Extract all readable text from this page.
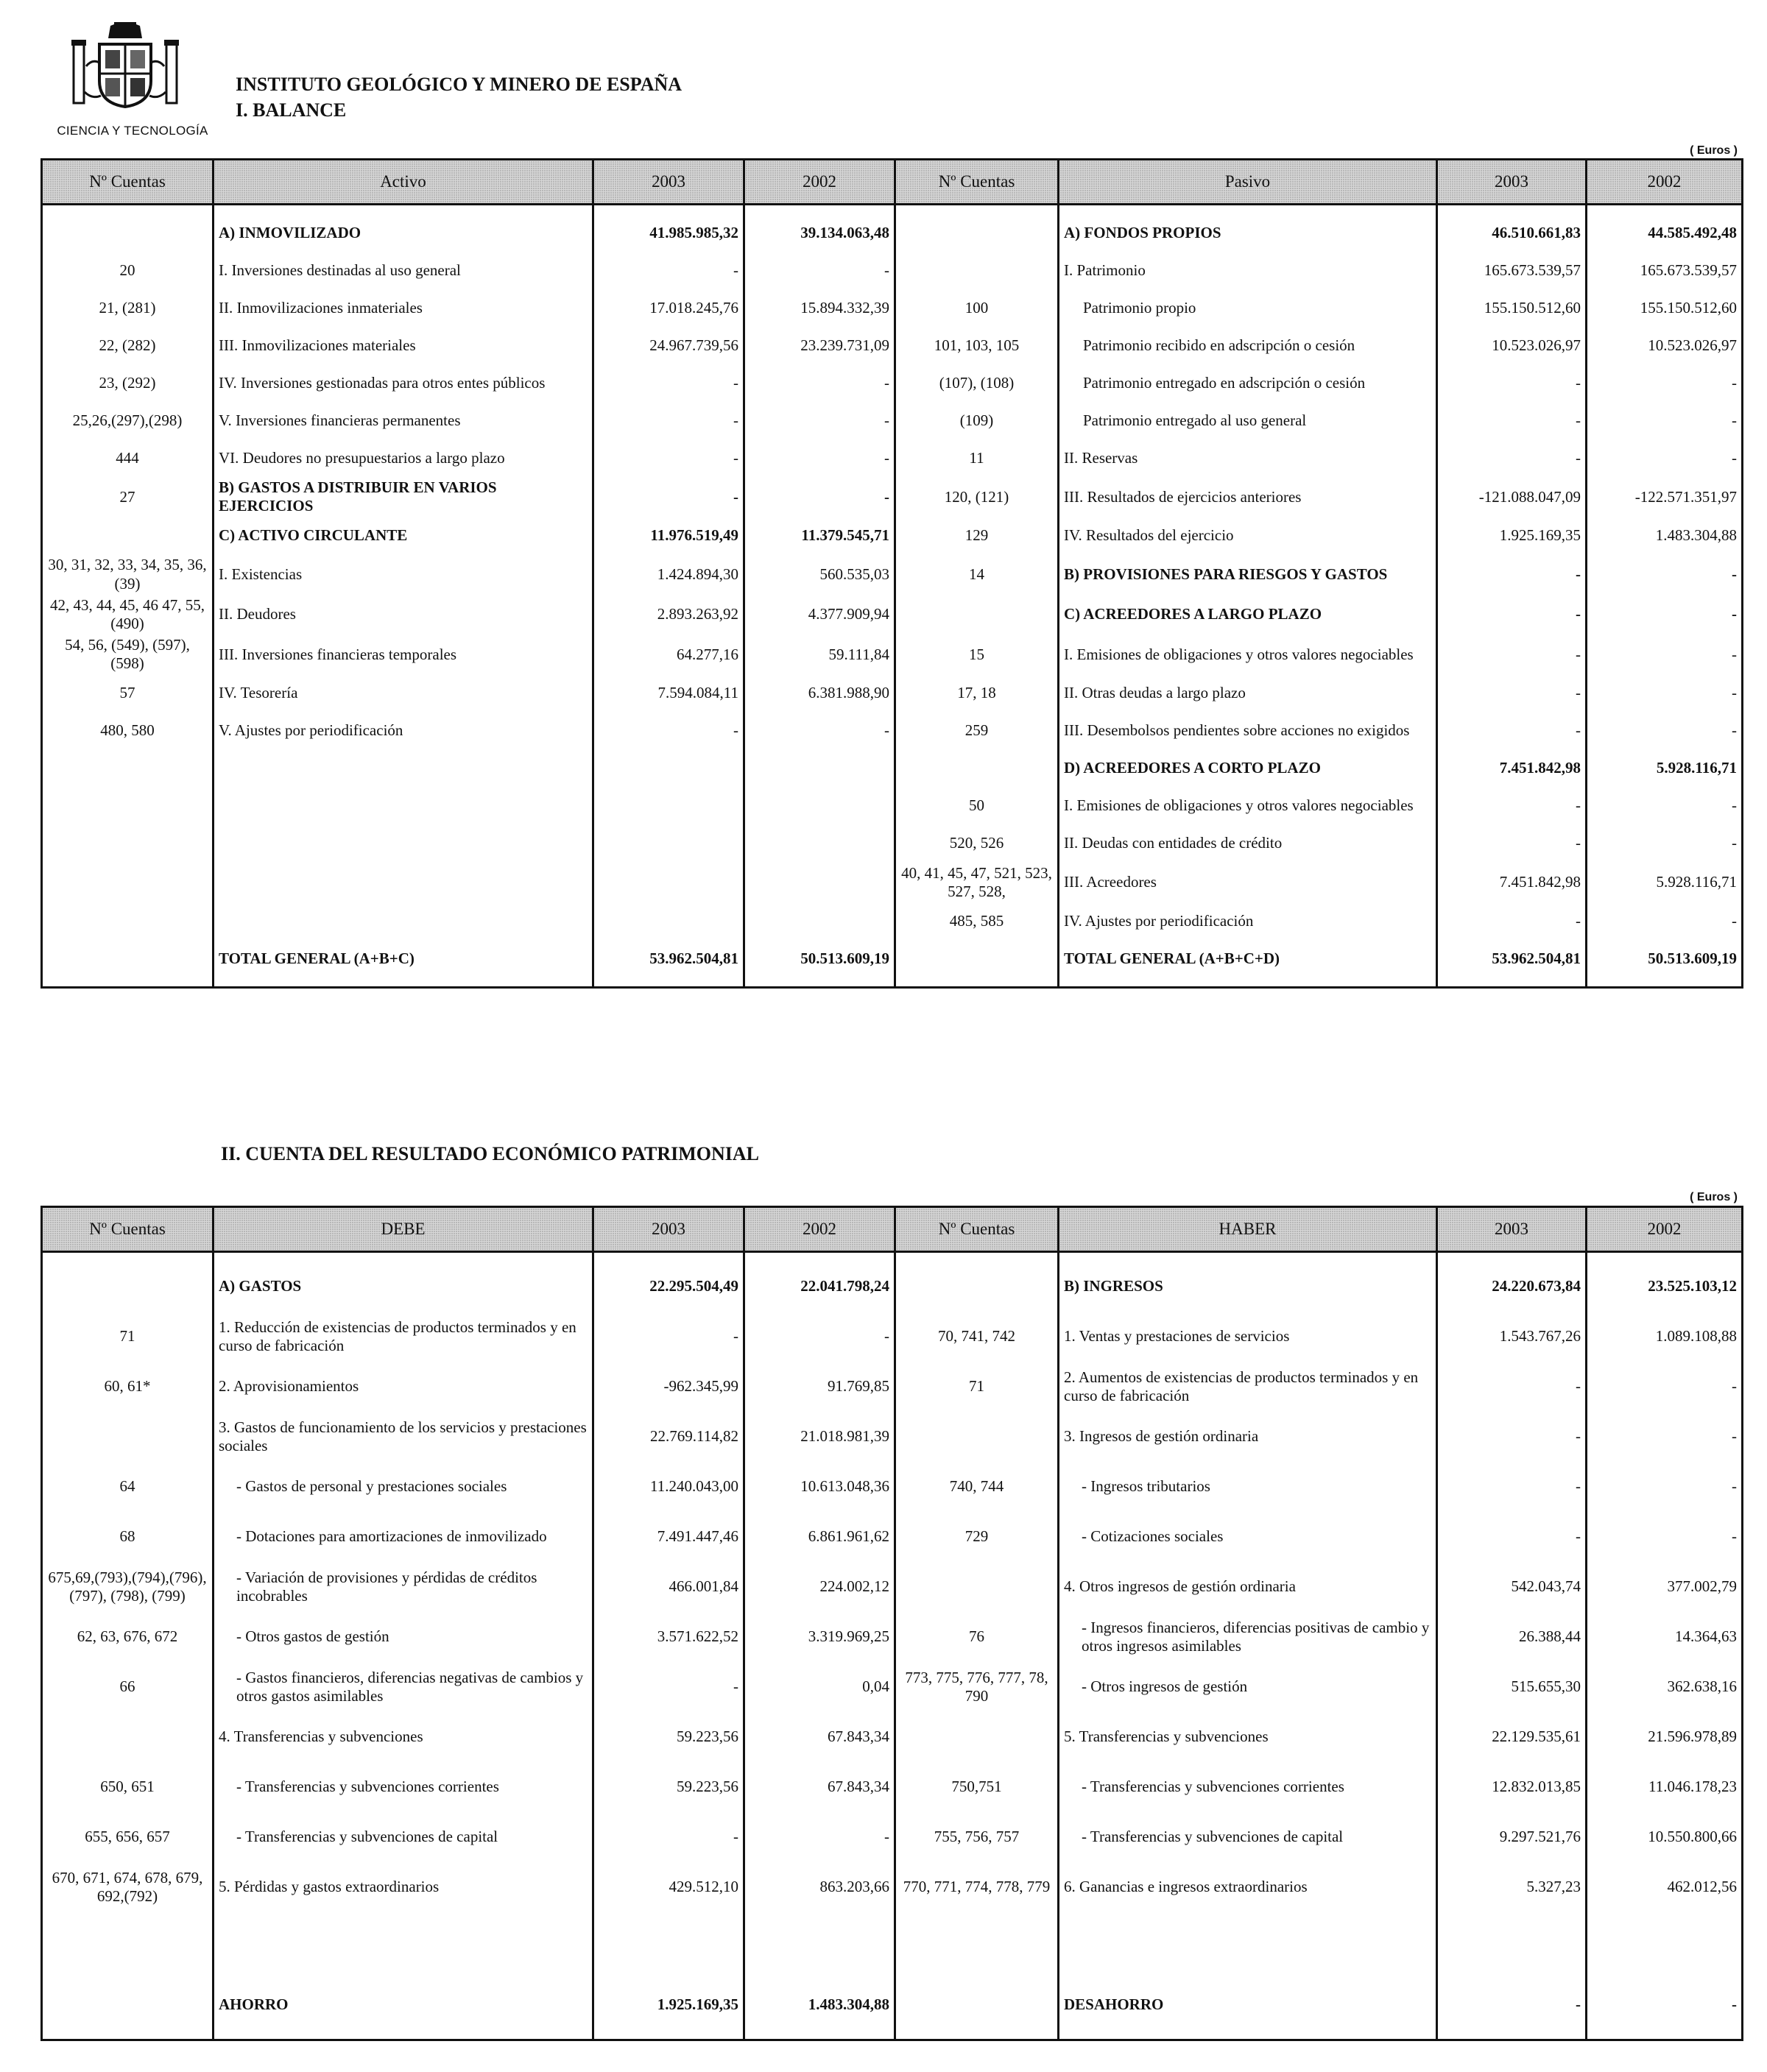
CIENCIA Y TECNOLOGÍA
INSTITUTO GEOLÓGICO Y MINERO DE ESPAÑA
I. BALANCE
( Euros )
Nº Cuentas	Activo	2003	2002	Nº Cuentas	Pasivo	2003	2002

	A) INMOVILIZADO	41.985.985,32	39.134.063,48		A) FONDOS PROPIOS	46.510.661,83	44.585.492,48
20	I. Inversiones destinadas al uso general	-	-		I. Patrimonio	165.673.539,57	165.673.539,57
21, (281)	II. Inmovilizaciones inmateriales	17.018.245,76	15.894.332,39	100	Patrimonio propio	155.150.512,60	155.150.512,60
22, (282)	III. Inmovilizaciones materiales	24.967.739,56	23.239.731,09	101, 103, 105	Patrimonio recibido en adscripción o cesión	10.523.026,97	10.523.026,97
23, (292)	IV. Inversiones gestionadas para otros entes públicos	-	-	(107), (108)	Patrimonio entregado en adscripción o cesión	-	-
25,26,(297),(298)	V. Inversiones financieras permanentes	-	-	(109)	Patrimonio entregado al uso general	-	-
444	VI. Deudores no presupuestarios a largo plazo	-	-	11	II. Reservas	-	-
27	B) GASTOS A DISTRIBUIR EN VARIOS EJERCICIOS	-	-	120, (121)	III. Resultados de ejercicios anteriores	-121.088.047,09	-122.571.351,97
	C) ACTIVO CIRCULANTE	11.976.519,49	11.379.545,71	129	IV. Resultados del ejercicio	1.925.169,35	1.483.304,88
30, 31, 32, 33, 34, 35, 36, (39)	I. Existencias	1.424.894,30	560.535,03	14	B) PROVISIONES PARA RIESGOS Y GASTOS	-	-
42, 43, 44, 45, 46 47, 55, (490)	II. Deudores	2.893.263,92	4.377.909,94		C) ACREEDORES A LARGO PLAZO	-	-
54, 56, (549), (597), (598)	III. Inversiones financieras temporales	64.277,16	59.111,84	15	I. Emisiones de obligaciones y otros valores negociables	-	-
57	IV. Tesorería	7.594.084,11	6.381.988,90	17, 18	II. Otras deudas a largo plazo	-	-
480, 580	V. Ajustes por periodificación	-	-	259	III. Desembolsos pendientes sobre acciones no exigidos	-	-
					D) ACREEDORES A CORTO PLAZO	7.451.842,98	5.928.116,71
				50	I. Emisiones de obligaciones y otros valores negociables	-	-
				520, 526	II. Deudas con entidades de crédito	-	-
				40, 41, 45, 47, 521, 523, 527, 528,	III. Acreedores	7.451.842,98	5.928.116,71
				485, 585	IV. Ajustes por periodificación	-	-
	TOTAL GENERAL (A+B+C)	53.962.504,81	50.513.609,19		TOTAL GENERAL (A+B+C+D)	53.962.504,81	50.513.609,19

II. CUENTA DEL RESULTADO ECONÓMICO PATRIMONIAL
( Euros )
Nº Cuentas	DEBE	2003	2002	Nº Cuentas	HABER	2003	2002

	A) GASTOS	22.295.504,49	22.041.798,24		B) INGRESOS	24.220.673,84	23.525.103,12
71	1. Reducción de existencias de productos terminados y en curso de fabricación	-	-	70, 741, 742	1. Ventas y prestaciones de servicios	1.543.767,26	1.089.108,88
60, 61*	2. Aprovisionamientos	-962.345,99	91.769,85	71	2. Aumentos de existencias de productos terminados y en curso de fabricación	-	-
	3. Gastos de funcionamiento de los servicios y prestaciones sociales	22.769.114,82	21.018.981,39		3. Ingresos de gestión ordinaria	-	-
64	- Gastos de personal y prestaciones sociales	11.240.043,00	10.613.048,36	740, 744	- Ingresos tributarios	-	-
68	- Dotaciones para amortizaciones de inmovilizado	7.491.447,46	6.861.961,62	729	- Cotizaciones sociales	-	-
675,69,(793),(794),(796), (797), (798), (799)	- Variación de provisiones y pérdidas de créditos incobrables	466.001,84	224.002,12		4. Otros ingresos de gestión ordinaria	542.043,74	377.002,79
62, 63, 676, 672	- Otros gastos de gestión	3.571.622,52	3.319.969,25	76	- Ingresos financieros, diferencias positivas de cambio y otros ingresos asimilables	26.388,44	14.364,63
66	- Gastos financieros, diferencias negativas de cambios y otros gastos asimilables	-	0,04	773, 775, 776, 777, 78, 790	- Otros ingresos de gestión	515.655,30	362.638,16
	4. Transferencias y subvenciones	59.223,56	67.843,34		5. Transferencias y subvenciones	22.129.535,61	21.596.978,89
650, 651	- Transferencias y subvenciones corrientes	59.223,56	67.843,34	750,751	- Transferencias y subvenciones corrientes	12.832.013,85	11.046.178,23
655, 656, 657	- Transferencias y subvenciones de capital	-	-	755, 756, 757	- Transferencias y subvenciones de capital	9.297.521,76	10.550.800,66
670, 671, 674, 678, 679, 692,(792)	5. Pérdidas y gastos extraordinarios	429.512,10	863.203,66	770, 771, 774, 778, 779	6. Ganancias e ingresos extraordinarios	5.327,23	462.012,56

	AHORRO	1.925.169,35	1.483.304,88		DESAHORRO	-	-
